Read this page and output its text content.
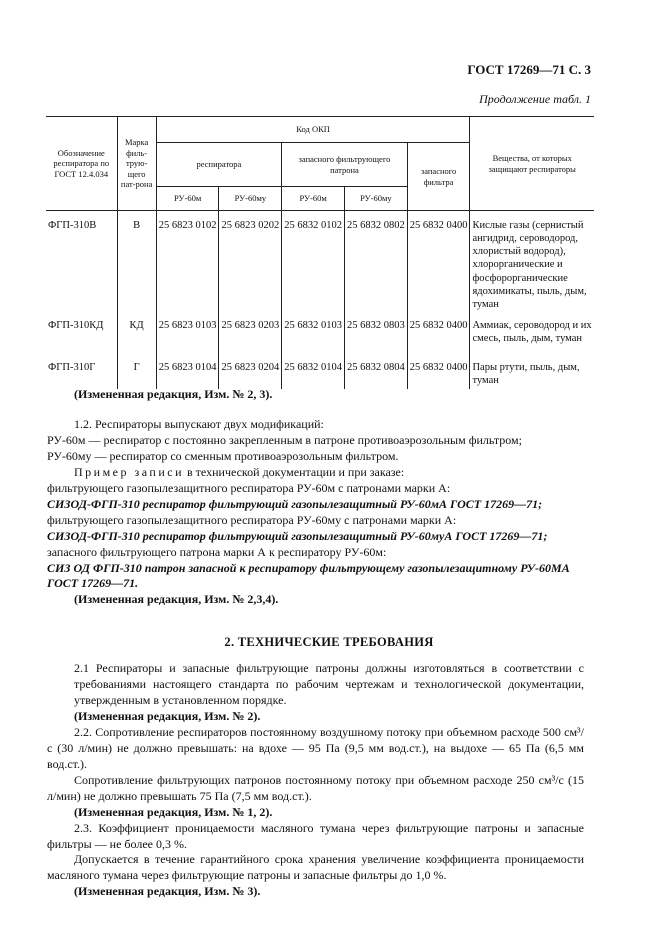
ГОСТ 17269—71 С. 3
Продолжение табл. 1
Обозначение респиратора по ГОСТ 12.4.034	Марка филь-трую-щего пат-рона	Код ОКП					Вещества, от которых защищают респираторы
		респиратора		запасного фильтрующего патрона		запасного фильтра	
		РУ-60м	РУ-60му	РУ-60м	РУ-60му		
ФГП-310В	В	25 6823 0102	25 6823 0202	25 6832 0102	25 6832 0802	25 6832 0400	Кислые газы (сернистый ангидрид, сероводород, хлористый водород), хлорорганические и фосфорорганические ядохимикаты, пыль, дым, туман
ФГП-310КД	КД	25 6823 0103	25 6823 0203	25 6832 0103	25 6832 0803	25 6832 0400	Аммиак, сероводород и их смесь, пыль, дым, туман
ФГП-310Г	Г	25 6823 0104	25 6823 0204	25 6832 0104	25 6832 0804	25 6832 0400	Пары ртути, пыль, дым, туман

(Измененная редакция, Изм. № 2, 3).

1.2. Респираторы выпускают двух модификаций:

РУ-60м — респиратор с постоянно закрепленным в патроне противоаэрозольным фильтром;

РУ-60му — респиратор со сменным противоаэрозольным фильтром.

Пример записи в технической документации и при заказе:

фильтрующего газопылезащитного респиратора РУ-60м с патронами марки А:

СИЗОД-ФГП-310 респиратор фильтрующий газопылезащитный РУ-60мА ГОСТ 17269—71;

фильтрующего газопылезащитного респиратора РУ-60му с патронами марки А:

СИЗОД-ФГП-310 респиратор фильтрующий газопылезащитный РУ-60муА ГОСТ 17269—71;

запасного фильтрующего патрона марки А к респиратору РУ-60м:

СИЗ ОД ФГП-310 патрон запасной к респиратору фильтрующему газопылезащитному РУ-60МА ГОСТ 17269—71.

(Измененная редакция, Изм. № 2,3,4).

2. ТЕХНИЧЕСКИЕ ТРЕБОВАНИЯ

2.1 Респираторы и запасные фильтрующие патроны должны изготовляться в соответствии с требованиями настоящего стандарта по рабочим чертежам и технологической документации, утвержденным в установленном порядке.

(Измененная редакция, Изм. № 2).

2.2. Сопротивление респираторов постоянному воздушному потоку при объемном расходе 500 см³/с (30 л/мин) не должно превышать: на вдохе — 95 Па (9,5 мм вод.ст.), на выдохе — 65 Па (6,5 мм вод.ст.).

Сопротивление фильтрующих патронов постоянному потоку при объемном расходе 250 см³/с (15 л/мин) не должно превышать 75 Па (7,5 мм вод.ст.).

(Измененная редакция, Изм. № 1, 2).

2.3. Коэффициент проницаемости масляного тумана через фильтрующие патроны и запасные фильтры — не более 0,3 %.

Допускается в течение гарантийного срока хранения увеличение коэффициента проницаемости масляного тумана через фильтрующие патроны и запасные фильтры до 1,0 %.

(Измененная редакция, Изм. № 3).
